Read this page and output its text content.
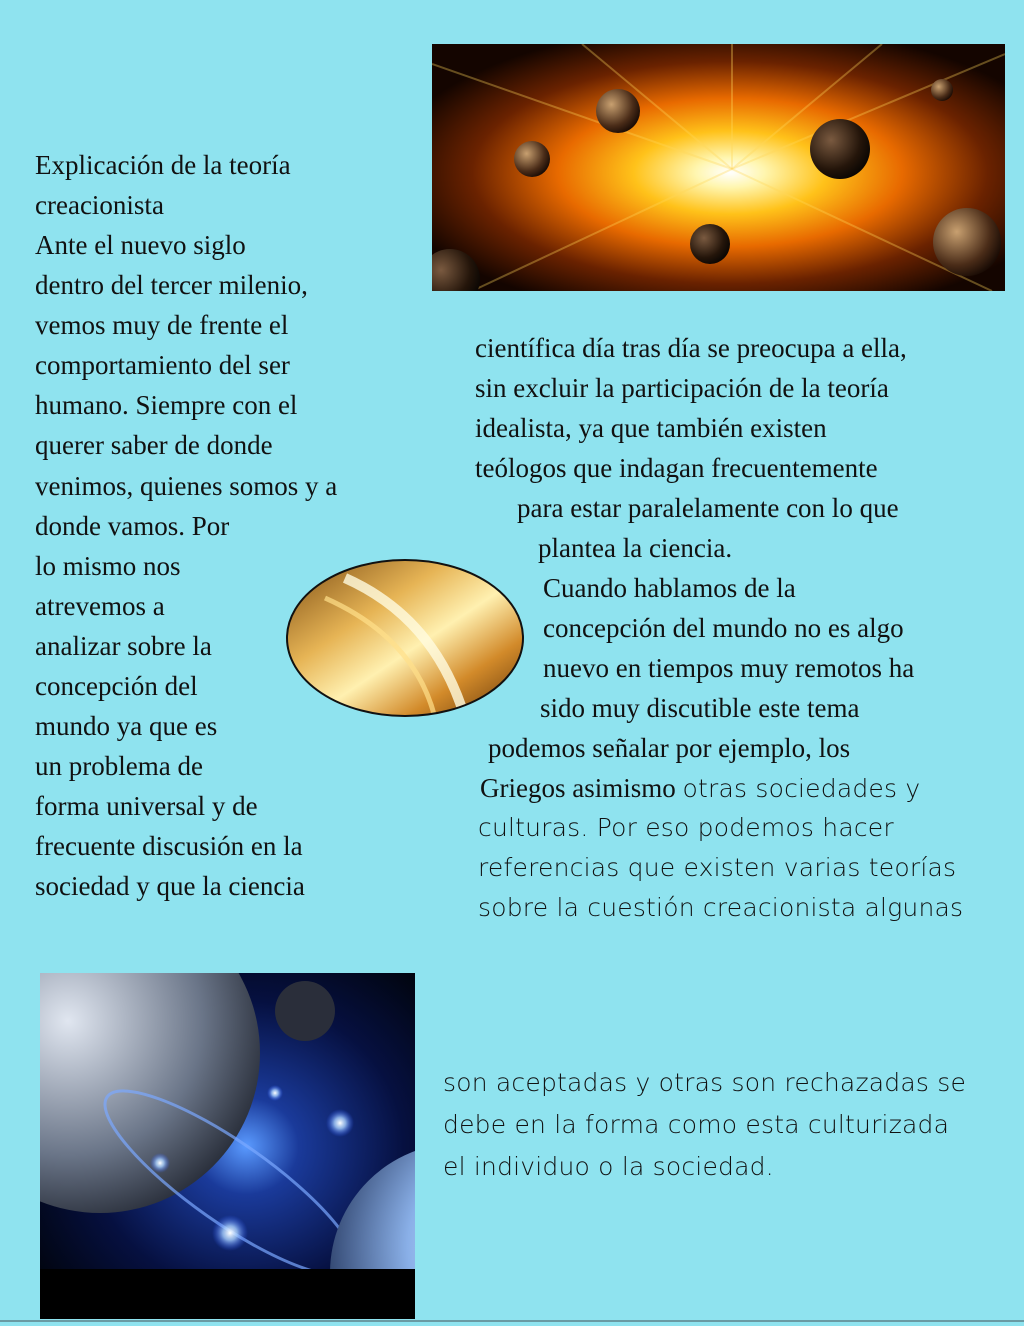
Explicación de la teoría

creacionista

Ante el nuevo siglo

dentro del tercer milenio,

vemos muy de frente el

comportamiento del ser

humano. Siempre con el

querer saber de donde

venimos, quienes somos y a

donde vamos. Por

lo mismo nos

atrevemos a

analizar sobre la

concepción del

mundo ya que es

un problema de

forma universal y de

frecuente discusión en la

sociedad y que la ciencia

científica día tras día se preocupa a ella,

sin excluir la participación de la teoría

idealista, ya que también existen

teólogos que indagan frecuentemente

para estar paralelamente con lo que

plantea la ciencia.

Cuando hablamos de la

concepción del mundo no es algo

nuevo en tiempos muy remotos ha

sido muy discutible este tema

podemos señalar por ejemplo, los

Griegos asimismo otras sociedades y

culturas. Por eso podemos hacer

referencias que existen varias teorías

sobre la cuestión creacionista algunas

son aceptadas y otras son rechazadas se

debe en la forma como esta culturizada

el individuo o la sociedad.
